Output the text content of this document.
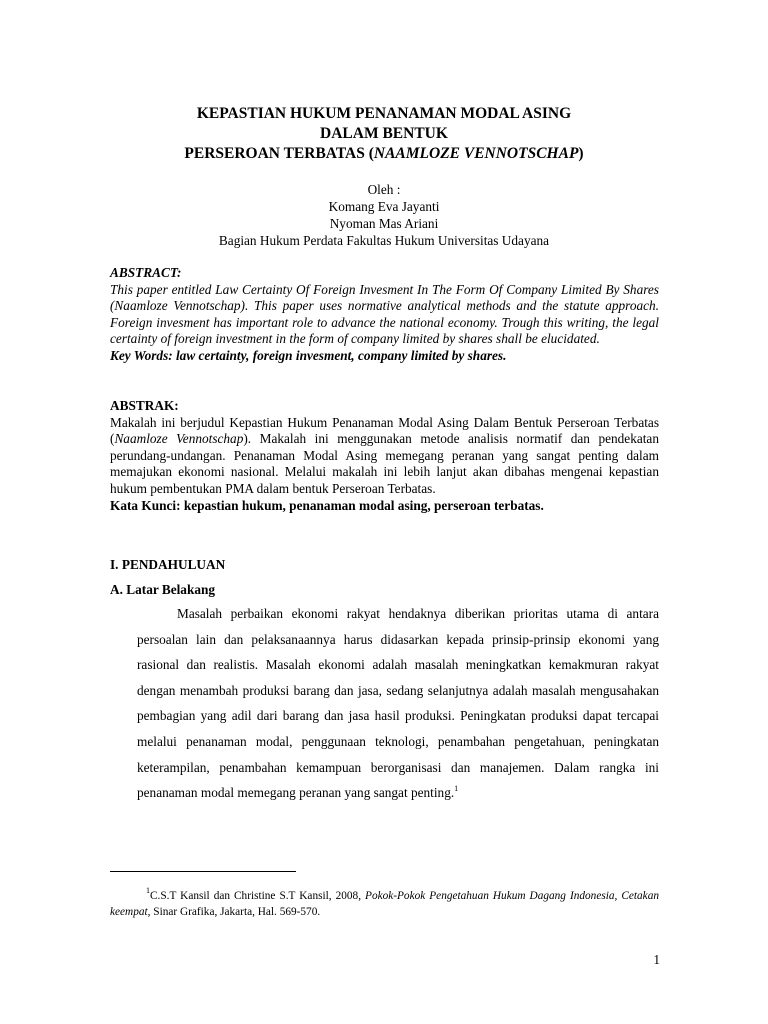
KEPASTIAN HUKUM PENANAMAN MODAL ASING
DALAM BENTUK
PERSEROAN TERBATAS (NAAMLOZE VENNOTSCHAP)
Oleh :
Komang Eva Jayanti
Nyoman Mas Ariani
Bagian Hukum Perdata Fakultas Hukum Universitas Udayana
ABSTRACT:
This paper entitled Law Certainty Of Foreign Invesment In The Form Of Company Limited By Shares (Naamloze Vennotschap). This paper uses normative analytical methods and the statute approach. Foreign invesment has important role to advance the national economy. Trough this writing, the legal certainty of foreign investment in the form of company limited by shares shall be elucidated.
Key Words: law certainty, foreign invesment, company limited by shares.
ABSTRAK:
Makalah ini berjudul Kepastian Hukum Penanaman Modal Asing Dalam Bentuk Perseroan Terbatas (Naamloze Vennotschap). Makalah ini menggunakan metode analisis normatif dan pendekatan perundang-undangan. Penanaman Modal Asing memegang peranan yang sangat penting dalam memajukan ekonomi nasional. Melalui makalah ini lebih lanjut akan dibahas mengenai kepastian hukum pembentukan PMA dalam bentuk Perseroan Terbatas.
Kata Kunci: kepastian hukum, penanaman modal asing, perseroan terbatas.
I. PENDAHULUAN
A. Latar Belakang
Masalah perbaikan ekonomi rakyat hendaknya diberikan prioritas utama di antara persoalan lain dan pelaksanaannya harus didasarkan kepada prinsip-prinsip ekonomi yang rasional dan realistis. Masalah ekonomi adalah masalah meningkatkan kemakmuran rakyat dengan menambah produksi barang dan jasa, sedang selanjutnya adalah masalah mengusahakan pembagian yang adil dari barang dan jasa hasil produksi. Peningkatan produksi dapat tercapai melalui penanaman modal, penggunaan teknologi, penambahan pengetahuan, peningkatan keterampilan, penambahan kemampuan berorganisasi dan manajemen. Dalam rangka ini penanaman modal memegang peranan yang sangat penting.$^1$
$^1$C.S.T Kansil dan Christine S.T Kansil, 2008, Pokok-Pokok Pengetahuan Hukum Dagang Indonesia, Cetakan keempat, Sinar Grafika, Jakarta, Hal. 569-570.
1
